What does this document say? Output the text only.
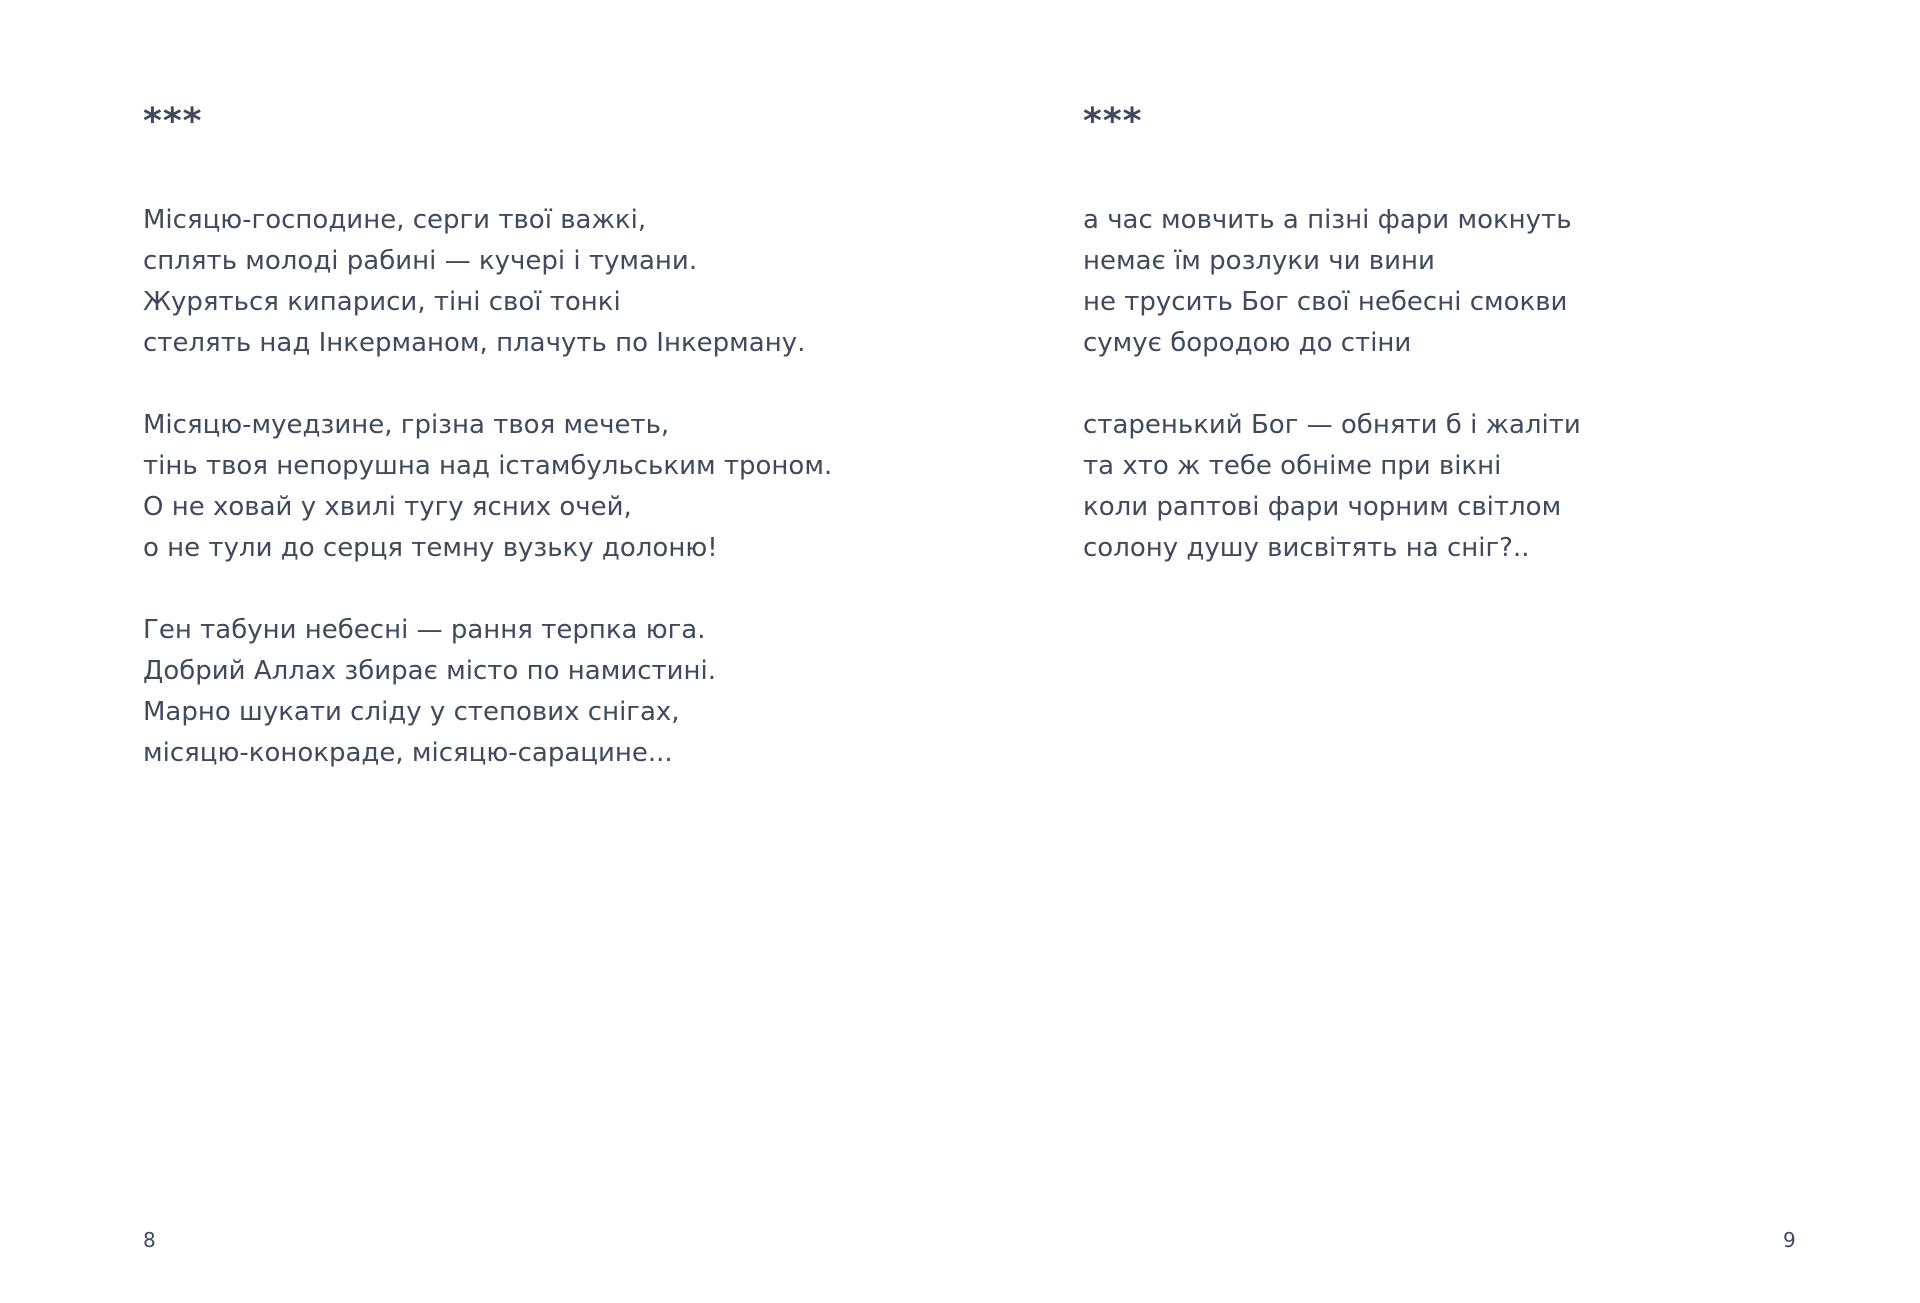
***
Місяцю-господине, серги твої важкі,
сплять молоді рабині — кучері і тумани.
Журяться кипариси, тіні свої тонкі
стелять над Інкерманом, плачуть по Інкерману.
Місяцю-муедзине, грізна твоя мечеть,
тінь твоя непорушна над істамбульським троном.
О не ховай у хвилі тугу ясних очей,
о не тули до серця темну вузьку долоню!
Ген табуни небесні — рання терпка юга.
Добрий Аллах збирає місто по намистині.
Марно шукати сліду у степових снігах,
місяцю-конокраде, місяцю-сарацине...
8
***
а час мовчить а пізні фари мокнуть
немає їм розлуки чи вини
не трусить Бог свої небесні смокви
сумує бородою до стіни
старенький Бог — обняти б і жаліти
та хто ж тебе обніме при вікні
коли раптові фари чорним світлом
солону душу висвітять на сніг?..
9
